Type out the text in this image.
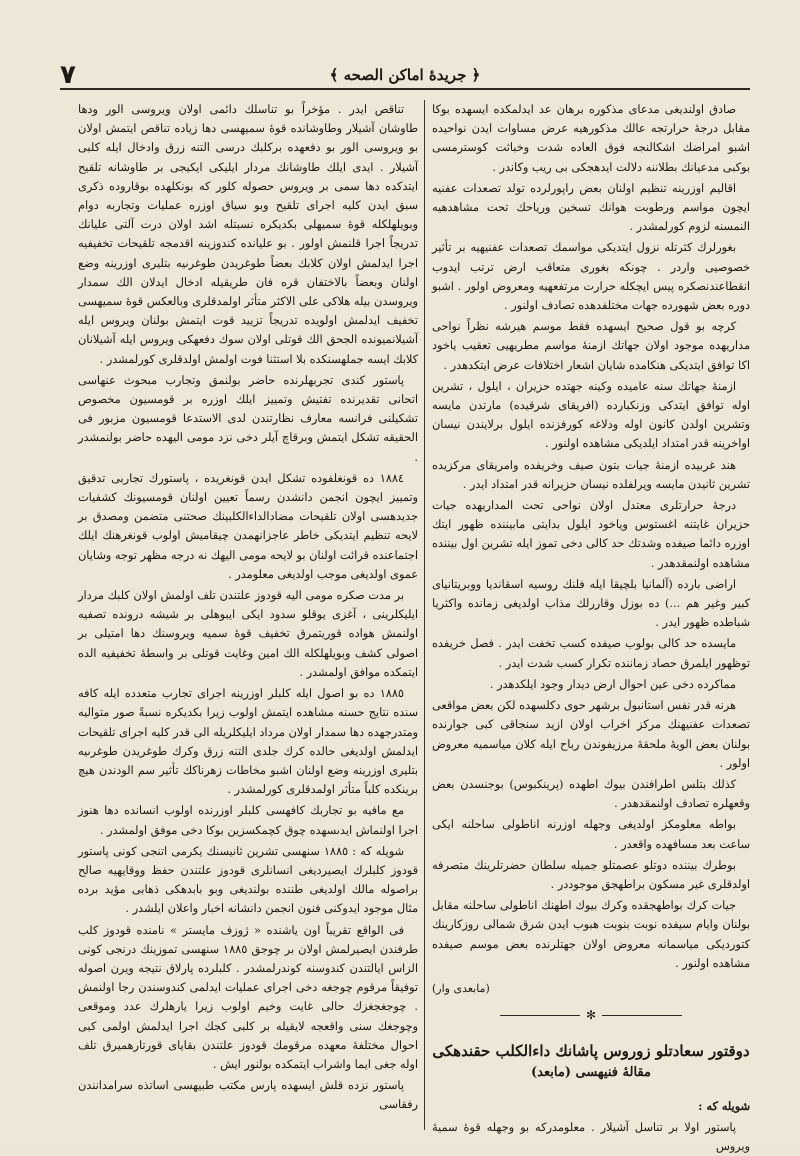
٧	﴿ جريدهٔ اماكن الصحه ﴾

صادق اولنديغى مدعاى مذكوره برهان عد ايدلمكده ايسهده بوكا مقابل درجهٔ حرارتجه عالك مذكورهيه عرض مساوات ايدن نواحيده اشبو امراضك اشكالنجه فوق العاده شدت وخباثت كوسترمسى بوكبى مدعيانك بطلاننه دلالت ايدهجكى بى ريب وكاندر .

اقاليم اوزرينه تنظيم اولنان بعض راپورلرده تولد تصعدات عفنيه ايچون مواسم ورطوبت هوانك تسخين ورياحك تحت مشاهدهيه النمسنه لزوم كورلمشدر .

بغورلرك كثرتله نزول ايتديكى مواسمك تصعدات عفنيهيه بر تأثير خصوصيى واردر . چونكه بغورى متعاقب ارض ترتب ايدوب انقطاعندنصكره پيس ايچكله حرارت مرتفعهيه ومعروض اولور . اشبو دوره بعض شهورده جهات مختلفدهده تصادف اولنور .

كرچه بو قول صحيح ايسهده فقط موسم هيرشه نظراً نواحى مداريهده موجود اولان جهاتك ازمنهٔ مواسم مطريهيى تعقيب ياخود اكا توافق ايتديكى هنكامده شايان اشعار اختلافات عرض ايتكدهدر .

ازمنهٔ جهاتك سنه عاميده وكينه جهتده حزيران ، ايلول ، تشرين اوله توافق ايتدكى وزنكبارده (افريقاى شرقيده) مارتدن مايسه وتشرين اولدن كانون اوله ودلاغه كورفزنده ايلول برلايندن نيسان اواخرينه قدر امتداد ايلديكى مشاهده اولنور .

هند غربيده ازمنهٔ جيات بتون صيف وخريفده وامريقاى مركزيده تشرين ثانيدن مايسه ويرلفلده نيسان حزيرانه قدر امتداد ايدر .

درجهٔ حرارتلرى معتدل اولان نواحى تحت المداريهده جيات حزيران غايتنه اغستوس وياخود ايلول بدايتى مابيننده ظهور ايتك اوزره دائما صيفده وشدتك حد كالى دخى تموز ايله تشرين اول بيننده مشاهده اولنمقدهدر .

اراضى بارده (آلمانيا بلچيقا ايله فلنك روسيه اسقانديا ووبريتانياى كبير وغير هم ...) ده بوزل وقاررلك مذاب اولديغى زمانده واكثريا شباطده ظهور ايدر .

مايسده حد كالى بولوب صيفده كسب تخفت ايدر . فصل خريفده توظهور ايلمرق حصاد زماننده تكرار كسب شدت ايدر .

مماكرده دخى عين احوال ارض ديدار وجود ايلكدهدر .

هرنه قدر نفس استانبول برشهر حوى دكلسهده لكن بعض مواقعى تصعدات عفنيهنك مركز اخراب اولان ازيد سنجاقى كبى جوارنده بولنان بعض الويهٔ ملحقهٔ مرزيفوندن رباح ايله كلان مياسميه معروض اولور .

كذلك بتلس اطرافندن بيوك اطهده (پرينكبوس) بوجنسدن بعض وقعهلره تصادف اولنمقدهدر .

بواطه معلومكز اولديغى وجهله اوزرنه اناطولى ساحلنه ايكى ساعت بعد مسافهده واقعدر .

بوطرك بيننده دوتلو عصمتلو جميله سلطان حضرتلرينك متصرفه اولدقلرى غير مسكون براطهجق موجوددر .

جيات كرك بواطهجقده وكرك بيوك اطهنك اناطولى ساحلنه مقابل بولنان وايام سيفده نوبت بنوبت هبوب ايدن شرق شمالى روزكارينك كتورديكى مياسمانه معروض اولان جهتلرنده بعض موسم صيفده مشاهده اولنور .

(مابعدى وار)
✻
دوقتور سعادتلو زوروس پاشانك داءالكلب حقندهكى
مقالهٔ فنيهسى (مابعد)

شويله كه :

پاستور اولا بر تناسل آشيلار . معلومدركه بو وجهله قوهٔ سميهٔ ويروس

تناقص ايدر . مؤخراً بو تناسلك دائمى اولان ويروسى الور ودها طاوشان آشيلار وطاوشانده قوهٔ سميهسى دها زياده تناقص ايتمش اولان بو ويروسى الور بو دفعهده بركلبك درسى التنه زرق وادخال ايله كلبى آشيلار . ايدى ايلك طاوشانك مردار ايليكى ايكيجى بر طاوشانه تلقيح ايتدكده دها سمى بر ويروس حصوله كلور كه بونكلهده بوقاروده ذكرى سبق ايدن كليه اجراى تلقيح وبو سياق اوزره عمليات وتجاربه دوام وبويلهلكله قوهٔ سميهلى بكديكره نسبتله اشد اولان درت آلتى عليانك تدريجاً اجرا قلنمش اولور . بو عليانده كندوزينه اقدمجه تلقيحات تخفيفيه اجرا ايدلمش اولان كلابك بعضاً طوغريدن طوغرىيه بتليرى اوزرينه وضع اولنان وبعضاً بالاختفان قره فان طريقيله ادخال ايدلان الك سمدار ويروسدن بيله هلاكى على الاكثر متأثر اولمدقلرى وبالعكس قوهٔ سميهسى تخفيف ايدلمش اولويده تدريجاً تزييد قوت ايتمش بولنان ويروس ايله آشيلانميونده الجحق الك قوتلى اولان سوك دفعهكى ويروس ايله آشيلانان كلابك ايسه جملهسنكده بلا استثنا فوت اولمش اولدقلرى كورلمشدر .

پاستور كندى تجربهلرنده حاضر بولنمق وتجارب مبحوث عنهاسى اتحانى تقديرنده تفتيش وتمييز ايلك اوزره بر قومسيون مخصوص تشكيلنى فرانسه معارف نظارتندن لدى الاستدعا قومسيون مزبور فى الحقيقه تشكل ايتمش وبرقاچ آيلر دخى نزد مومى اليهده حاضر بولنمشدر .

١٨٨٤ ده قونغلفوده تشكل ايدن قونغريده ، پاستورك تجاربى تدقيق وتمييز ايچون انجمن دانشدن رسماً تعيين اولنان قومسيونك كشفيات جديدهسى اولان تلقيحات مضادالداءالكلبينك صحتنى متضمن ومصدق بر لايحه تنظيم ايتديكى خاطر عاجزانهمدن چيقاميش اولوب قونغرهنك ايلك اجتماعنده قرائت اولنان بو لايحه مومى اليهك نه درجه مظهر توجه وشايان عموى اولديغى موجب اولديغى معلومدر .

بر مدت صكره مومى اليه قودوز علتندن تلف اولمش اولان كلبك مردار ايليكلرينى ، آغزى يوقلو سدود ايكى ايبوهلى بر شيشه درونده تصفيه اولنمش هواده قوريتمرق تخفيف قوهٔ سميه ويروسنك دها امتيلى بر اصولى كشف وبويلهلكله الك امين وغايت قوتلى بر واسطهٔ تخفيفيه الده ايتمكده موافق اولمشدر .

١٨٨٥ ده بو اصول ايله كلبلر اوزرينه اجراى تجارب متعدده ايله كافه سنده نتايج حسنه مشاهده ايتمش اولوب زيرا بكديكره نسبةً صور متواليه ومتدرجهده دها سمدار اولان مرداد ايليكلريله الى قدر كليه اجراى تلقيحات ايدلمش اولديغى حالده كرك جلدى التنه زرق وكرك طوغريدن طوغرىيه بتليرى اوزرينه وضع اولنان اشبو مخاطات زهرناكك تأثير سم الودندن هيچ برينكده كلباً متأثر اولمدقلرى كورلمشدر .

مع مافيه بو تجاربك كافهسى كلبلر اوزرنده اولوب انسانده دها هنوز اجرا اولنماش ايدىسهده چوق كچمكسزين بوكا دخى موفق اولمشدر .

شويله كه : ١٨٨٥ سنهسى تشرين ثانيسنك يكرمى اتنجى كونى پاستور قودوز كلبلرك ايصيرديغى انسانلرى قودوز علتندن حفظ ووقايهيه صالح براصوله مالك اولديغى طننده بولنديغى وبو بابدهكى ذهابى مؤيد برده مثال موجود ايدوكنى فنون انجمن دانشانه اخبار واعلان ايلشدر .

فى الواقع تقريباً اون ياشنده « ژوزف مايستر » نامنده قودوز كلب طرفندن ايصيرلمش اولان بر چوجق ١٨٨٥ سنهسى تموزينك درنجى كونى الزاس ايالتندن كندوسنه كوندرلمشدر . كلبلرده پارلاق نتيجه ويرن اصوله توفيقاً مرقوم چوجغه دخى اجراى عمليات ايدلمى كندوسندن رجا اولنمش . چوجغجغزك حالى غايت وخيم اولوب زيرا يارهلرك عدد وموقعى وچوجغك سنى واقعجه لايقيله بر كلبى كجك اجرا ايدلمش اولمى كبى احوال مختلفهٔ معهده مرقومك قودوز علتندن بقاياى قورتارهميرق تلف اوله جغى ايما واشراب ايتمكده بولنور ايش .

پاستور نزده قلش ايسهده پارس مكتب طبيهسى اساتذه سرامدانندن رفقاسى
